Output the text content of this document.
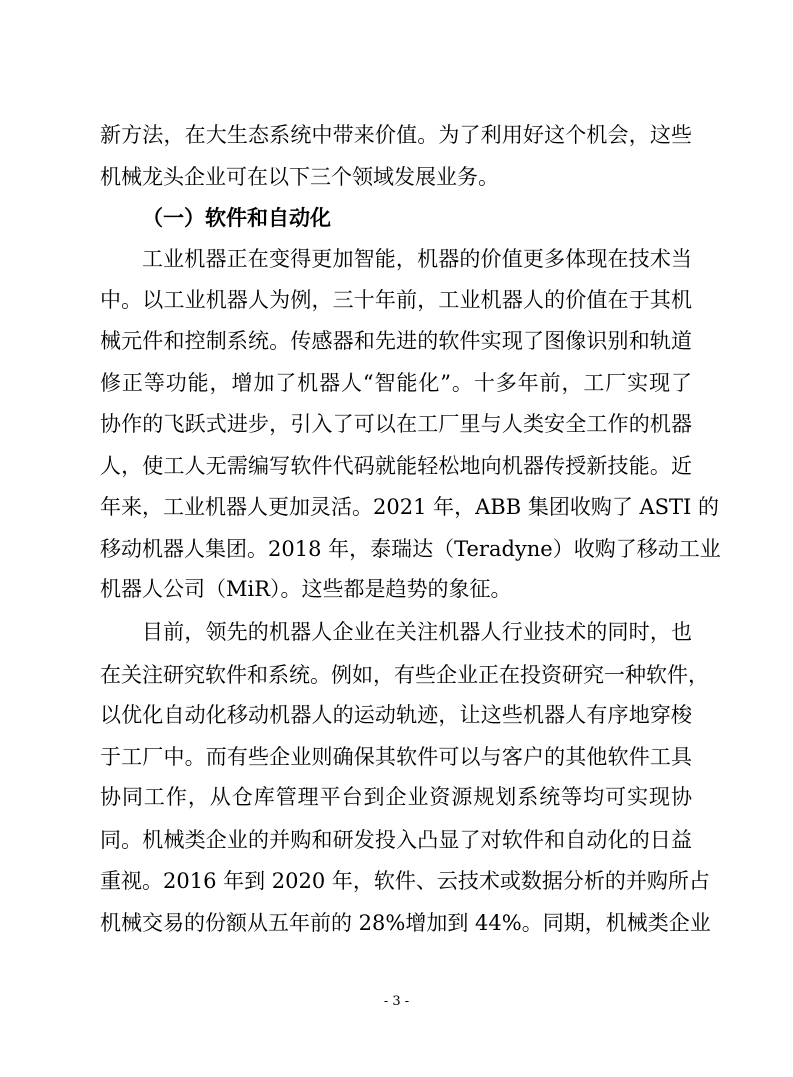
新方法，在大生态系统中带来价值。为了利用好这个机会，这些
机械龙头企业可在以下三个领域发展业务。
（一）软件和自动化
工业机器正在变得更加智能，机器的价值更多体现在技术当
中。以工业机器人为例，三十年前，工业机器人的价值在于其机
械元件和控制系统。传感器和先进的软件实现了图像识别和轨道
修正等功能，增加了机器人“智能化”。十多年前，工厂实现了
协作的飞跃式进步，引入了可以在工厂里与人类安全工作的机器
人，使工人无需编写软件代码就能轻松地向机器传授新技能。近
年来，工业机器人更加灵活。2021 年，ABB 集团收购了 ASTI 的
移动机器人集团。2018 年，泰瑞达（Teradyne）收购了移动工业
机器人公司（MiR）。这些都是趋势的象征。
目前，领先的机器人企业在关注机器人行业技术的同时，也
在关注研究软件和系统。例如，有些企业正在投资研究一种软件，
以优化自动化移动机器人的运动轨迹，让这些机器人有序地穿梭
于工厂中。而有些企业则确保其软件可以与客户的其他软件工具
协同工作，从仓库管理平台到企业资源规划系统等均可实现协
同。机械类企业的并购和研发投入凸显了对软件和自动化的日益
重视。2016 年到 2020 年，软件、云技术或数据分析的并购所占
机械交易的份额从五年前的 28%增加到 44%。同期，机械类企业
- 3 -
